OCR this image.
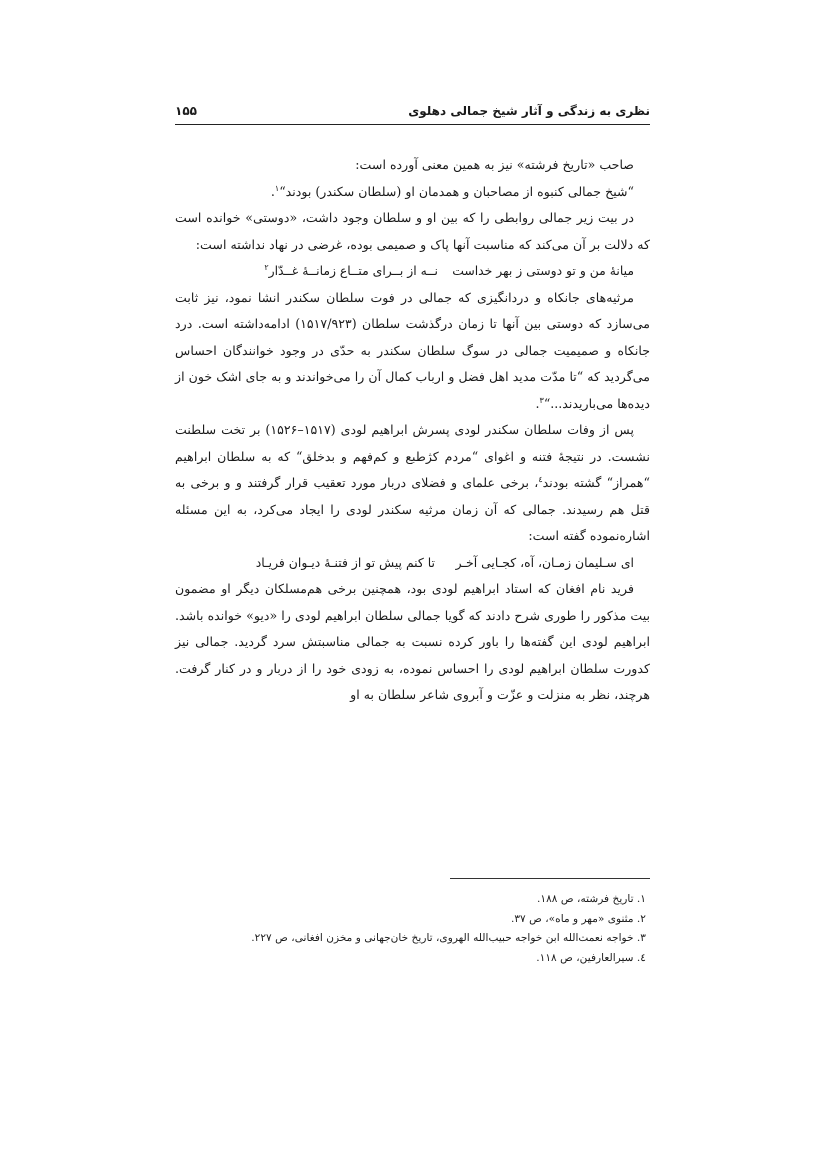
نظری به زندگی و آثار شیخ جمالی دهلوی
۱۵۵

صاحب «تاریخ فرشته» نیز به همین معنی آورده است:

“شیخ جمالی کنبوه از مصاحبان و همدمان او (سلطان سکندر) بودند“$^۱$.

در بیت زیر جمالی روابطی را که بین او و سلطان وجود داشت، «دوستی» خوانده است که دلالت بر آن می‌کند که مناسبت آنها پاک و صمیمی بوده، غرضی در نهاد نداشته است:

میانهٔ من و تو دوستی ز بهر خداست
نــه از بــرای متــاع زمانــهٔ غــدّار$^۲$

مرثیه‌های جانکاه و دردانگیزی که جمالی در فوت سلطان سکندر انشا نمود، نیز ثابت می‌سازد که دوستی بین آنها تا زمان درگذشت سلطان (۱۵۱۷/۹۲۳) ادامه‌داشته است. درد جانکاه و صمیمیت جمالی در سوگ سلطان سکندر به حدّی در وجود خوانندگان احساس می‌گردید که “تا مدّت مدید اهل فضل و ارباب کمال آن را می‌خواندند و به جای اشک خون از دیده‌ها می‌باریدند...“$^۳$.

پس از وفات سلطان سکندر لودی پسرش ابراهیم لودی (۱۵۱۷–۱۵۲۶) بر تخت سلطنت نشست. در نتیجهٔ فتنه و اغوای “مردم کژطبع و کم‌فهم و بدخلق“ که به سلطان ابراهیم “همراز“ گشته بودند$^٤$، برخی علمای و فضلای دربار مورد تعقیب قرار گرفتند و و برخی به قتل هم رسیدند. جمالی که آن زمان مرثیه سکندر لودی را ایجاد می‌کرد، به این مسئله اشاره‌نموده گفته است:

ای سـلیمان زمـان، آه، کجـایی آخـر
تا کنم پیش تو از فتنـهٔ دیـوان فریـاد

فرید نام افغان که استاد ابراهیم لودی بود، همچنین برخی هم‌مسلکان دیگر او مضمون بیت مذکور را طوری شرح دادند که گویا جمالی سلطان ابراهیم لودی را «دیو» خوانده باشد. ابراهیم لودی این گفته‌ها را باور کرده نسبت به جمالی مناسبتش سرد گردید. جمالی نیز کدورت سلطان ابراهیم لودی را احساس نموده، به زودی خود را از دربار و در کنار گرفت. هرچند، نظر به منزلت و عزّت و آبروی شاعر سلطان به او

۱. تاریخ فرشته، ص ۱۸۸.
۲. مثنوی «مهر و ماه»، ص ۳۷.
۳. خواجه نعمت‌الله ابن خواجه حبیب‌الله الهروی، تاریخ خان‌جهانی و مخزن افغانی، ص ۲۲۷.
٤. سیرالعارفین، ص ۱۱۸.
